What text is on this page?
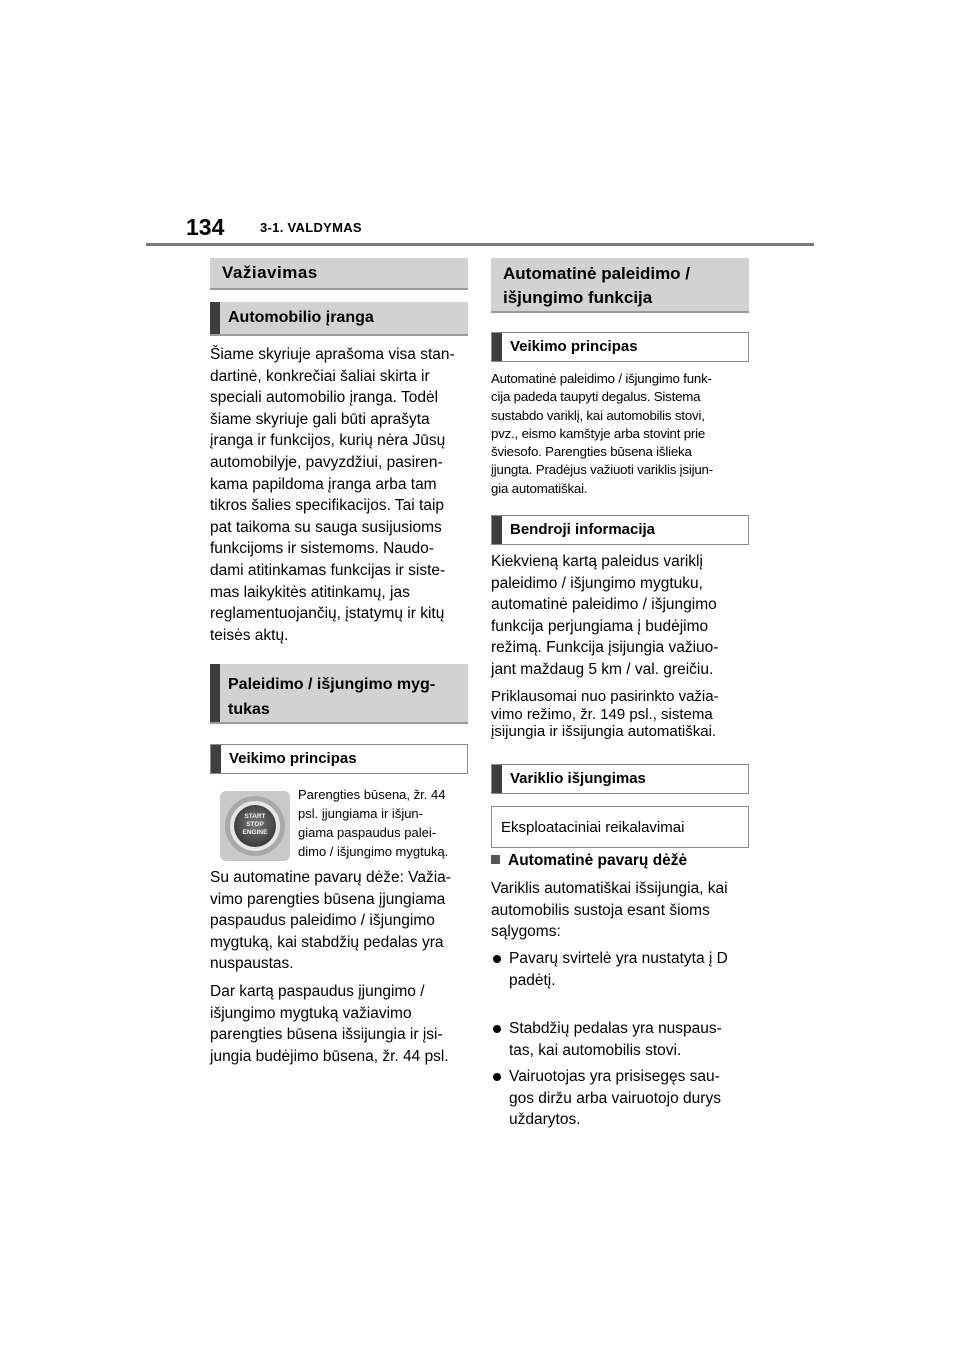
134	3-1. VALDYMAS
Važiavimas
Automobilio įranga
Šiame skyriuje aprašoma visa stan-
dartinė, konkrečiai šaliai skirta ir
speciali automobilio įranga. Todėl
šiame skyriuje gali būti aprašyta
įranga ir funkcijos, kurių nėra Jūsų
automobilyje, pavyzdžiui, pasiren-
kama papildoma įranga arba tam
tikros šalies specifikacijos. Tai taip
pat taikoma su sauga susijusioms
funkcijoms ir sistemoms. Naudo-
dami atitinkamas funkcijas ir siste-
mas laikykitės atitinkamų, jas
reglamentuojančių, įstatymų ir kitų
teisės aktų.
Paleidimo / išjungimo myg-
tukas
Veikimo principas
START
STOP
ENGINE
Parengties būsena, žr. 44
psl. įjungiama ir išjun-
giama paspaudus palei-
dimo / išjungimo mygtuką.
Su automatine pavarų dėže: Važia-
vimo parengties būsena įjungiama
paspaudus paleidimo / išjungimo
mygtuką, kai stabdžių pedalas yra
nuspaustas.
Dar kartą paspaudus įjungimo /
išjungimo mygtuką važiavimo
parengties būsena išsijungia ir įsi-
jungia budėjimo būsena, žr. 44 psl.
Automatinė paleidimo /
išjungimo funkcija
Veikimo principas
Automatinė paleidimo / išjungimo funk-
cija padeda taupyti degalus. Sistema
sustabdo variklį, kai automobilis stovi,
pvz., eismo kamštyje arba stovint prie
šviesofo. Parengties būsena išlieka
įjungta. Pradėjus važiuoti variklis įsijun-
gia automatiškai.
Bendroji informacija
Kiekvieną kartą paleidus variklį
paleidimo / išjungimo mygtuku,
automatinė paleidimo / išjungimo
funkcija perjungiama į budėjimo
režimą. Funkcija įsijungia važiuo-
jant maždaug 5 km / val. greičiu.
Priklausomai nuo pasirinkto važia-
vimo režimo, žr. 149 psl., sistema
įsijungia ir išsijungia automatiškai.
Variklio išjungimas
Eksploataciniai reikalavimai
Automatinė pavarų dėžė
Variklis automatiškai išsijungia, kai
automobilis sustoja esant šioms
sąlygoms:
Pavarų svirtelė yra nustatyta į D
padėtį.
Stabdžių pedalas yra nuspaus-
tas, kai automobilis stovi.
Vairuotojas yra prisisegęs sau-
gos diržu arba vairuotojo durys
uždarytos.
